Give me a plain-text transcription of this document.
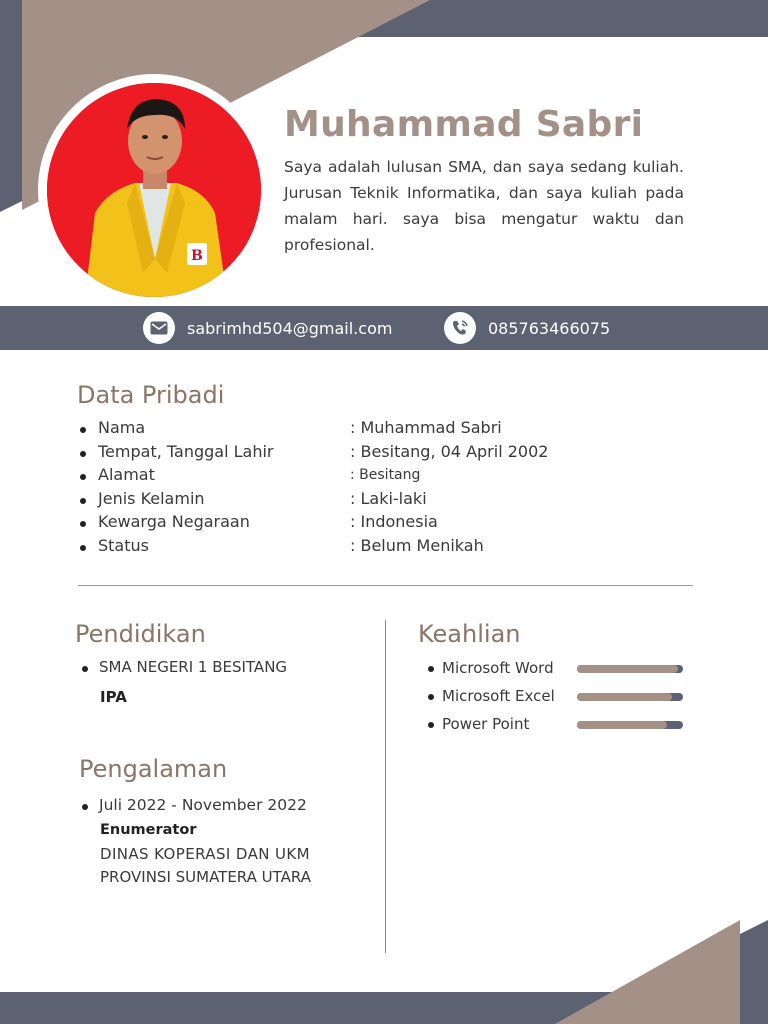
B
Muhammad Sabri

Saya adalah lulusan SMA, dan saya sedang kuliah. Jurusan Teknik Informatika, dan saya kuliah pada malam hari. saya bisa mengatur waktu dan profesional.

sabrimhd504@gmail.com	085763466075
Data Pribadi
Nama	: Muhammad Sabri
Tempat, Tanggal Lahir	: Besitang, 04 April 2002
Alamat	: Besitang
Jenis Kelamin	: Laki-laki
Kewarga Negaraan	: Indonesia
Status	: Belum Menikah
Pendidikan
SMA NEGERI 1 BESITANG
IPA
Pengalaman
Juli 2022 - November 2022
Enumerator
DINAS KOPERASI DAN UKM
PROVINSI SUMATERA UTARA
Keahlian
Microsoft Word
Microsoft Excel
Power Point
